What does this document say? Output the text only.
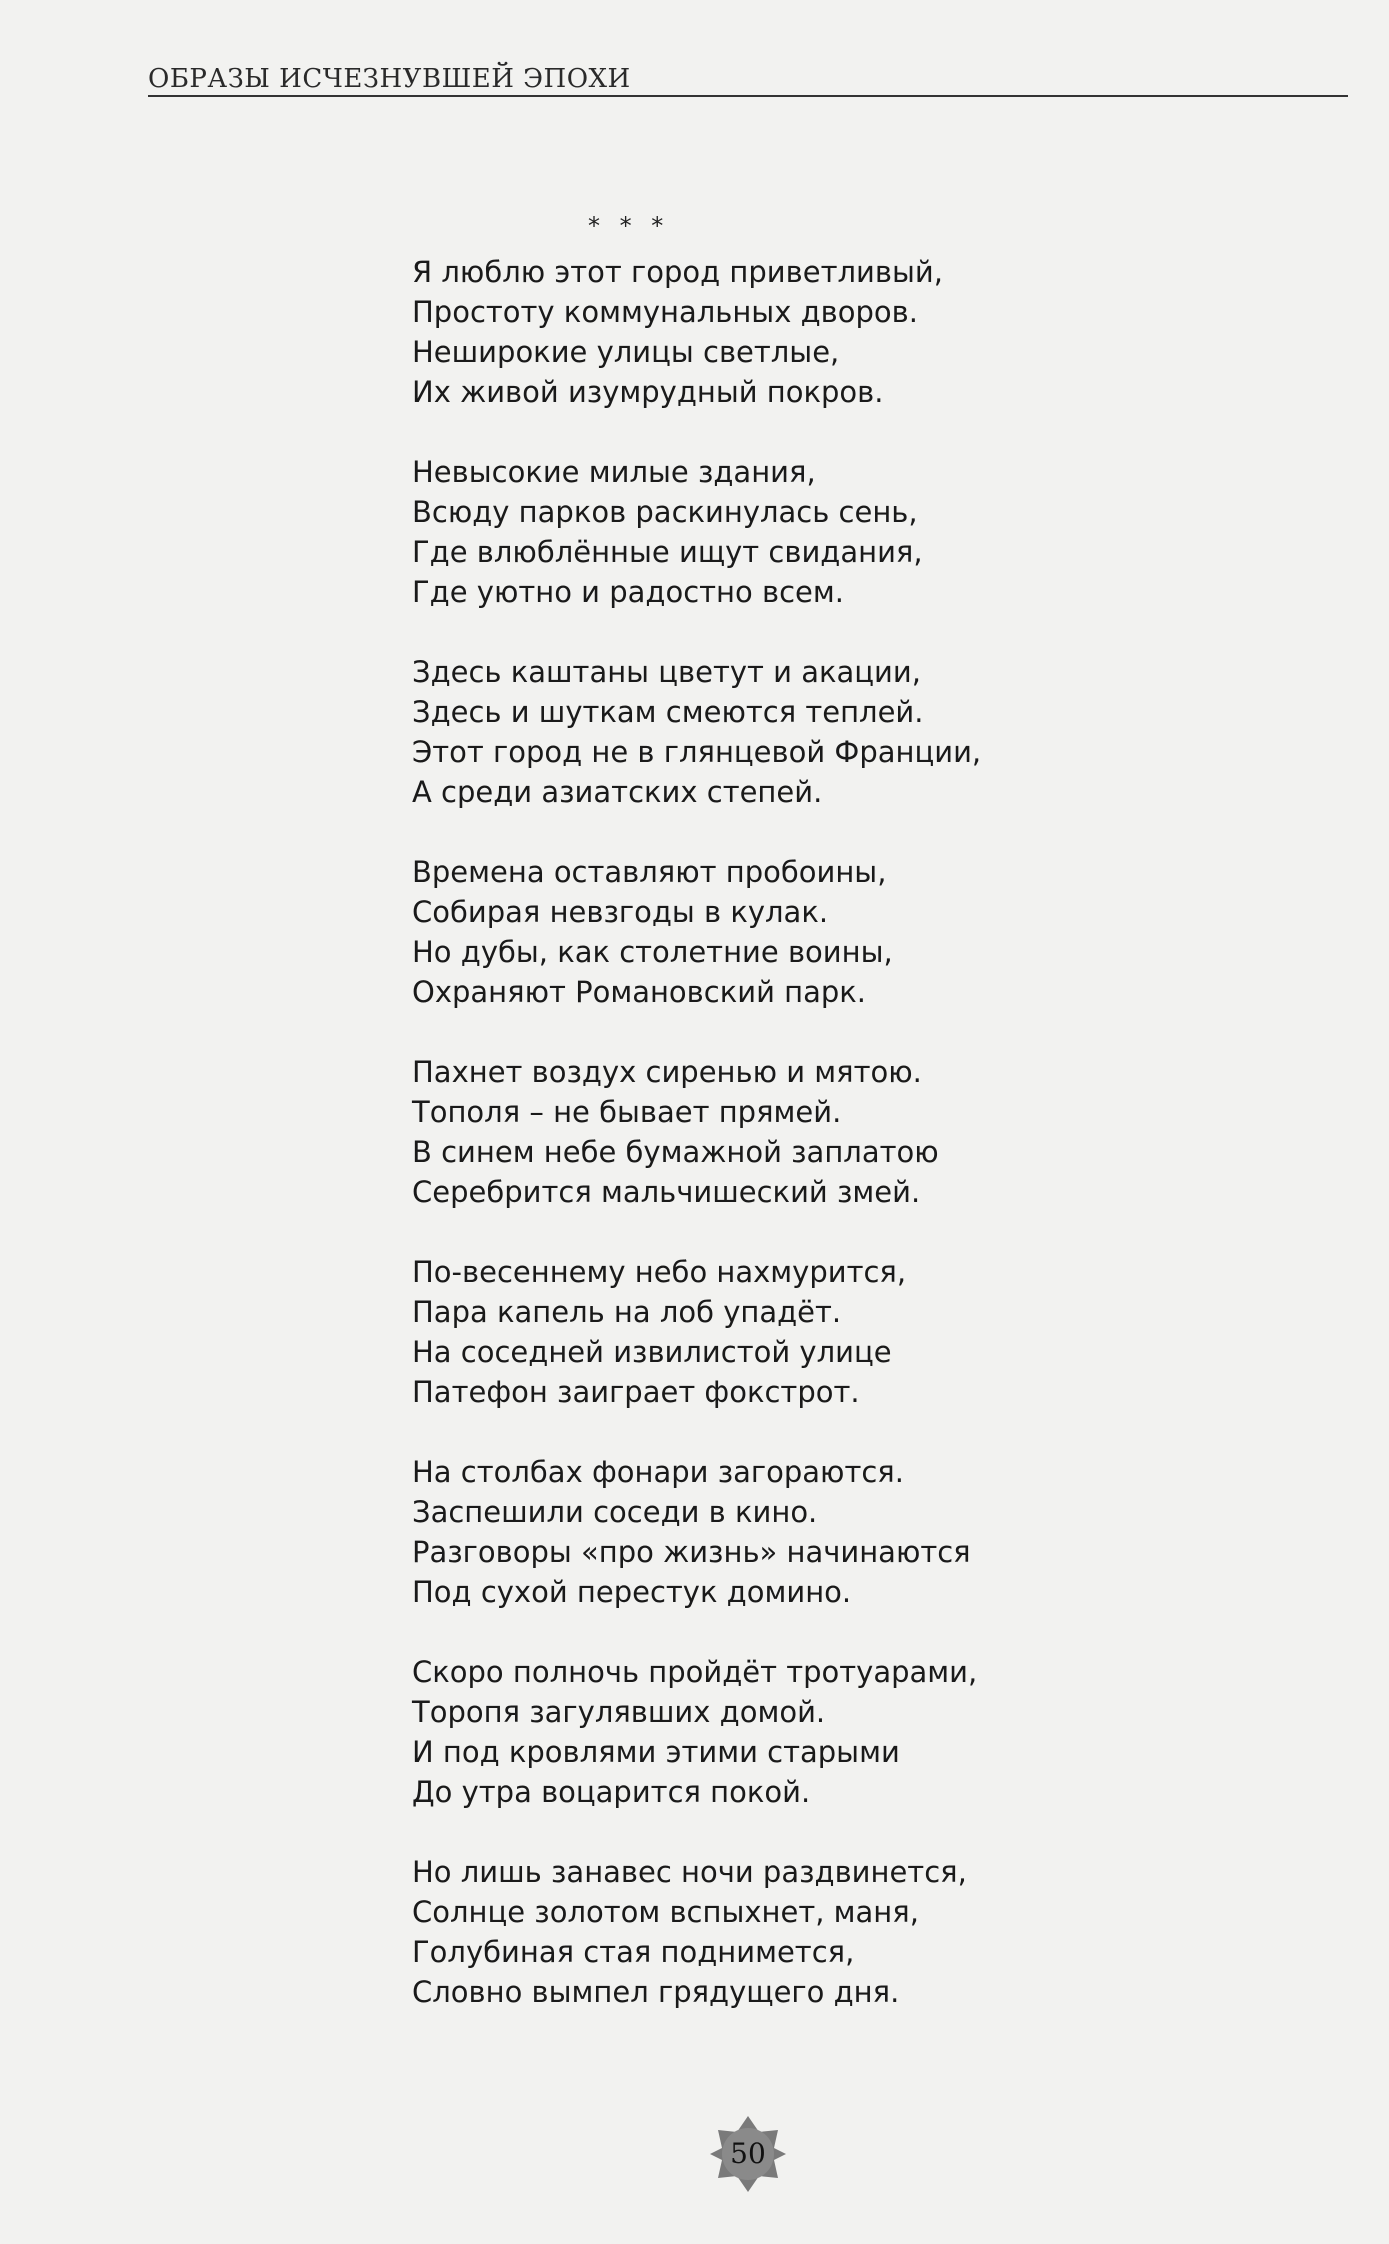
ОБРАЗЫ ИСЧЕЗНУВШЕЙ ЭПОХИ
* * *
Я люблю этот город приветливый,
Простоту коммунальных дворов.
Неширокие улицы светлые,
Их живой изумрудный покров.
Невысокие милые здания,
Всюду парков раскинулась сень,
Где влюблённые ищут свидания,
Где уютно и радостно всем.
Здесь каштаны цветут и акации,
Здесь и шуткам смеются теплей.
Этот город не в глянцевой Франции,
А среди азиатских степей.
Времена оставляют пробоины,
Собирая невзгоды в кулак.
Но дубы, как столетние воины,
Охраняют Романовский парк.
Пахнет воздух сиренью и мятою.
Тополя – не бывает прямей.
В синем небе бумажной заплатою
Серебрится мальчишеский змей.
По-весеннему небо нахмурится,
Пара капель на лоб упадёт.
На соседней извилистой улице
Патефон заиграет фокстрот.
На столбах фонари загораются.
Заспешили соседи в кино.
Разговоры «про жизнь» начинаются
Под сухой перестук домино.
Скоро полночь пройдёт тротуарами,
Торопя загулявших домой.
И под кровлями этими старыми
До утра воцарится покой.
Но лишь занавес ночи раздвинется,
Солнце золотом вспыхнет, маня,
Голубиная стая поднимется,
Словно вымпел грядущего дня.
50
